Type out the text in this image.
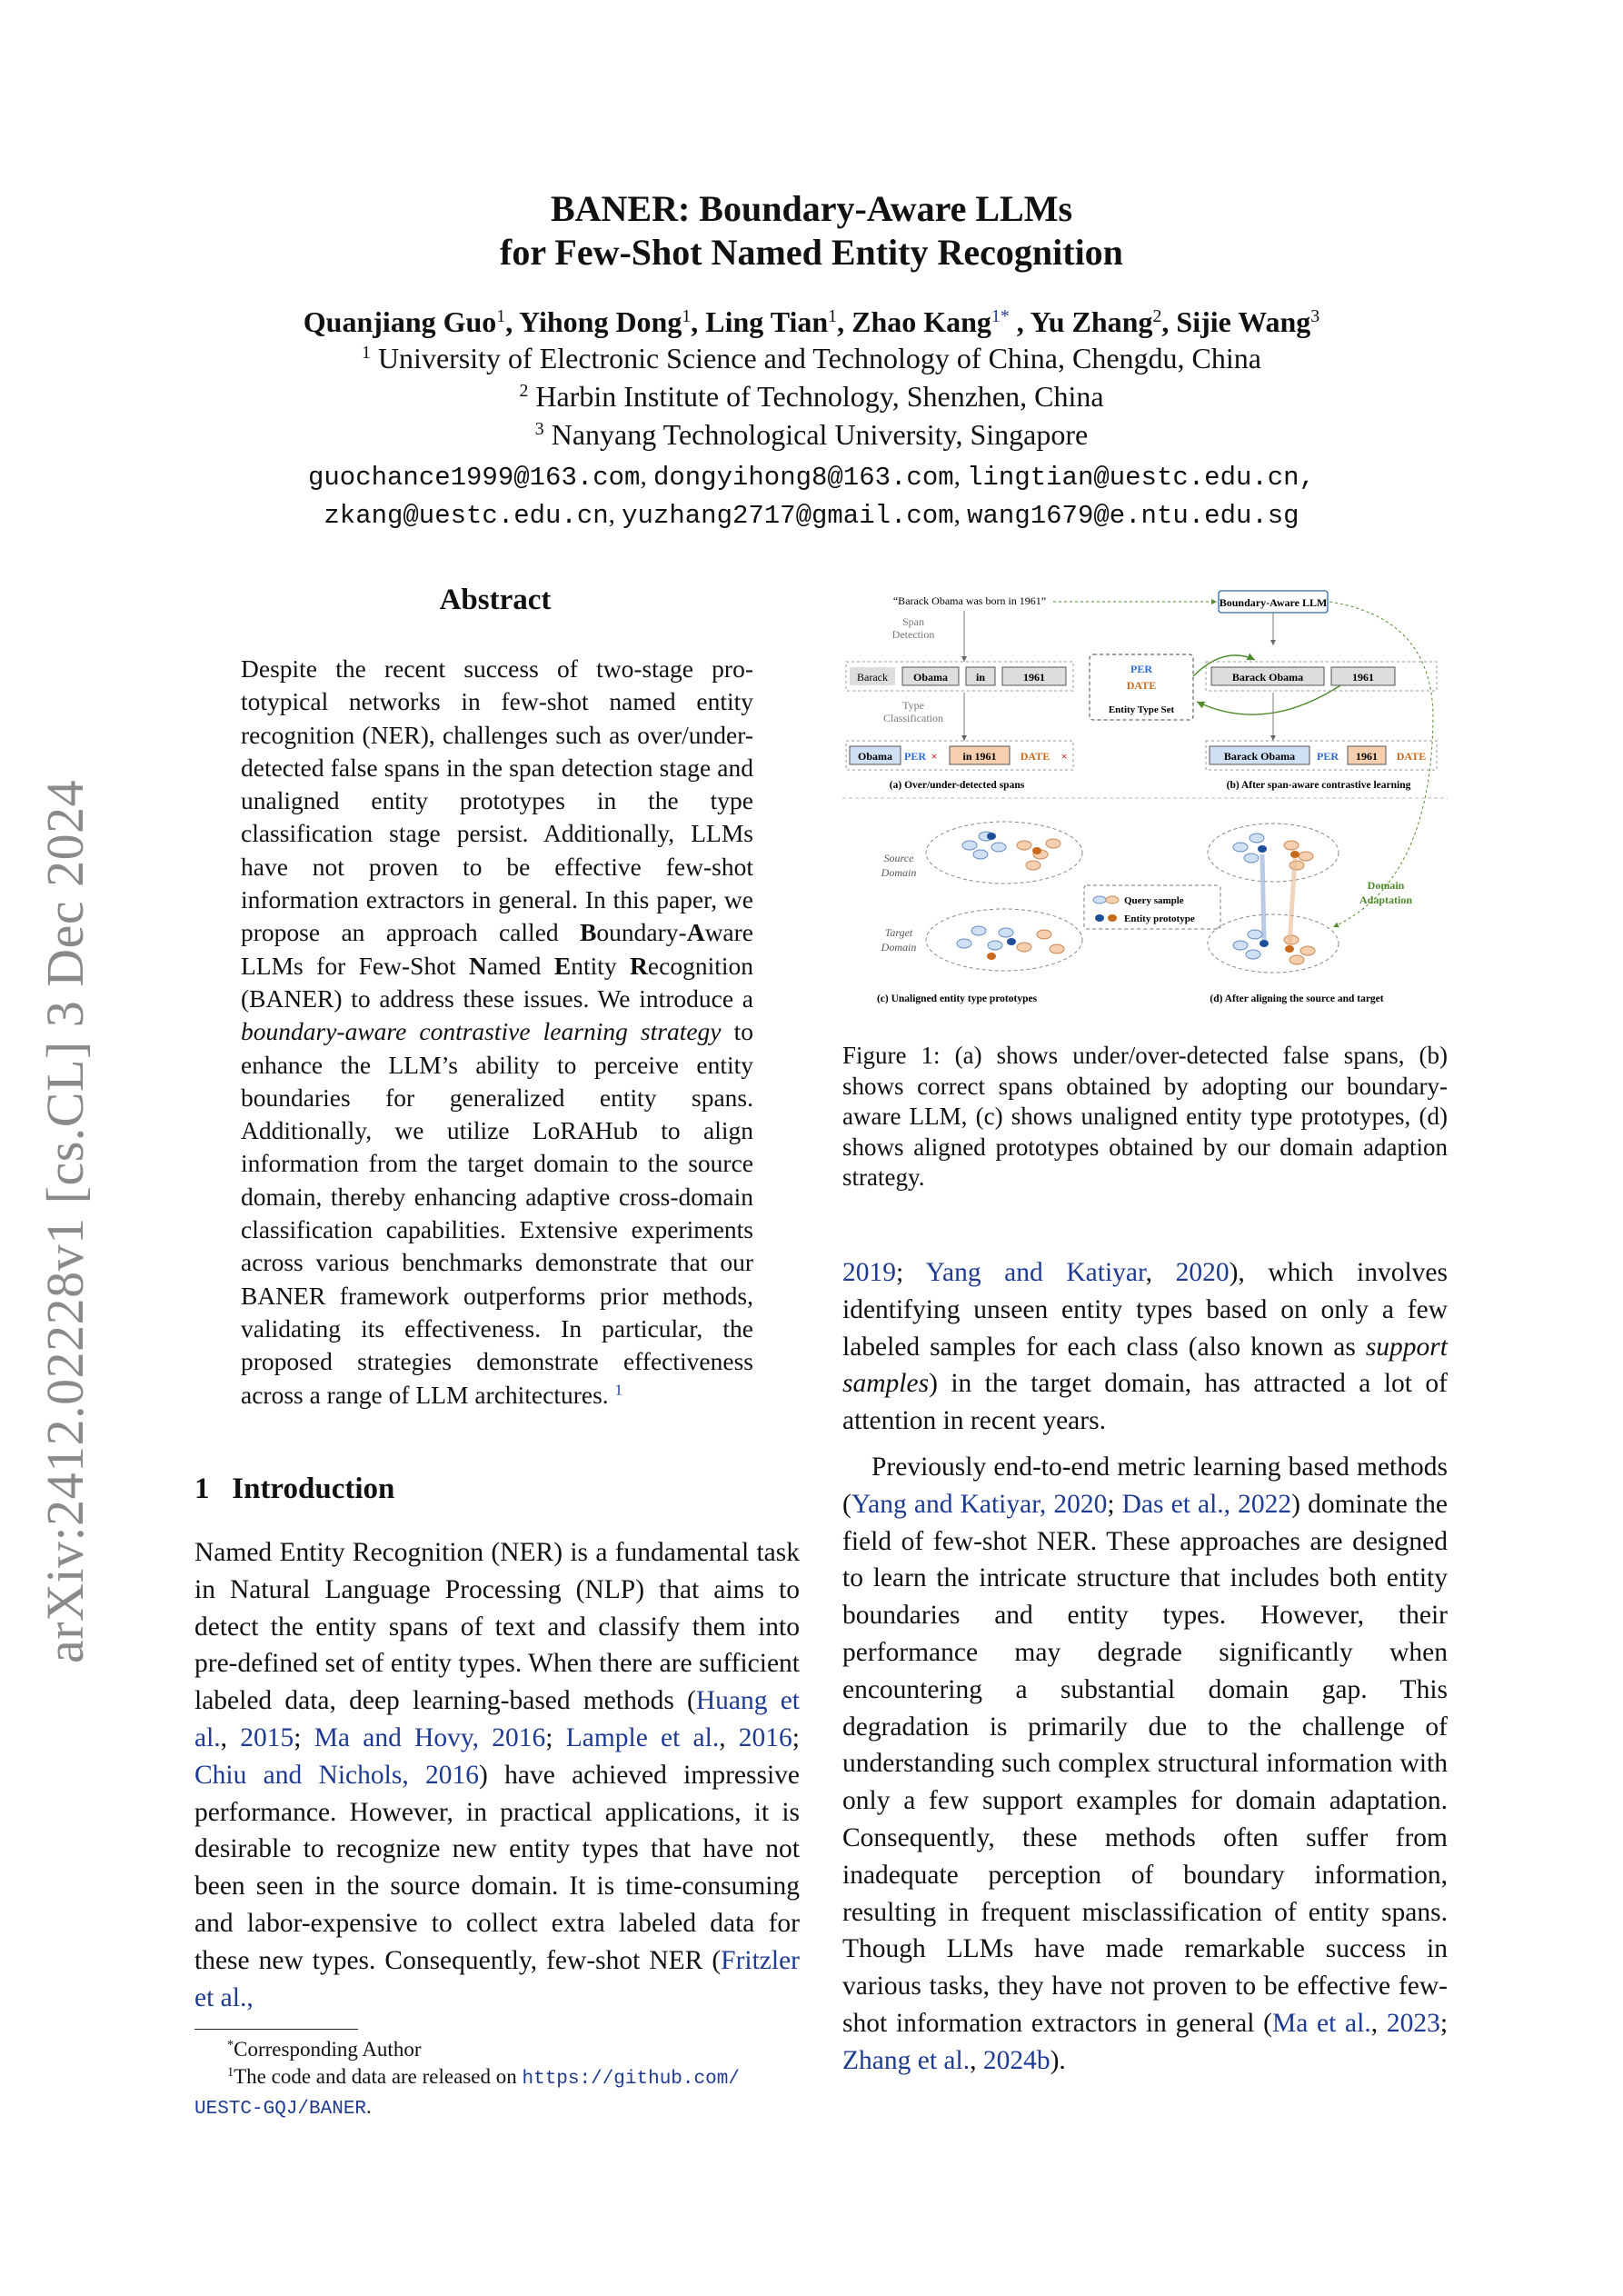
arXiv:2412.02228v1 [cs.CL] 3 Dec 2024
BANER: Boundary-Aware LLMs
for Few-Shot Named Entity Recognition
Quanjiang Guo$^1$, Yihong Dong$^1$, Ling Tian$^1$, Zhao Kang$^{1*}$ , Yu Zhang$^2$, Sijie Wang$^3$
$^1$ University of Electronic Science and Technology of China, Chengdu, China
$^2$ Harbin Institute of Technology, Shenzhen, China
$^3$ Nanyang Technological University, Singapore
guochance1999@163.com, dongyihong8@163.com, lingtian@uestc.edu.cn,
zkang@uestc.edu.cn, yuzhang2717@gmail.com, wang1679@e.ntu.edu.sg
Abstract
Despite the recent success of two-stage prototypical networks in few-shot named entity recognition (NER), challenges such as over/under-detected false spans in the span detection stage and unaligned entity prototypes in the type classification stage persist. Additionally, LLMs have not proven to be effective few-shot information extractors in general. In this paper, we propose an approach called Boundary-Aware LLMs for Few-Shot Named Entity Recognition (BANER) to address these issues. We introduce a boundary-aware contrastive learning strategy to enhance the LLM’s ability to perceive entity boundaries for generalized entity spans. Additionally, we utilize LoRAHub to align information from the target domain to the source domain, thereby enhancing adaptive cross-domain classification capabilities. Extensive experiments across various benchmarks demonstrate that our BANER framework outperforms prior methods, validating its effectiveness. In particular, the proposed strategies demonstrate effectiveness across a range of LLM architectures. $^1$
1 Introduction
Named Entity Recognition (NER) is a fundamental task in Natural Language Processing (NLP) that aims to detect the entity spans of text and classify them into pre-defined set of entity types. When there are sufficient labeled data, deep learning-based methods (Huang et al., 2015; Ma and Hovy, 2016; Lample et al., 2016; Chiu and Nichols, 2016) have achieved impressive performance. However, in practical applications, it is desirable to recognize new entity types that have not been seen in the source domain. It is time-consuming and labor-expensive to collect extra labeled data for these new types. Consequently, few-shot NER (Fritzler et al.,
*Corresponding Author
$^1$The code and data are released on https://github.com/ UESTC-GQJ/BANER.
“Barack Obama was born in 1961”	Boundary-Aware LLM
Span
Detection
Barack Obama	in	1961
Type
Classification
PER
DATE
Entity Type Set
Barack Obama	1961
Obama PER × in 1961 DATE ×	Barack Obama PER 1961 DATE
(a) Over/under-detected spans	(b) After span-aware contrastive learning
Source
Domain
Target
Domain
Query sample
Entity prototype
Domain
Adaptation
(c) Unaligned entity type prototypes	(d) After aligning the source and target
Figure 1: (a) shows under/over-detected false spans, (b) shows correct spans obtained by adopting our boundary-aware LLM, (c) shows unaligned entity type prototypes, (d) shows aligned prototypes obtained by our domain adaption strategy.

2019; Yang and Katiyar, 2020), which involves identifying unseen entity types based on only a few labeled samples for each class (also known as support samples) in the target domain, has attracted a lot of attention in recent years.

Previously end-to-end metric learning based methods (Yang and Katiyar, 2020; Das et al., 2022) dominate the field of few-shot NER. These approaches are designed to learn the intricate structure that includes both entity boundaries and entity types. However, their performance may degrade significantly when encountering a substantial domain gap. This degradation is primarily due to the challenge of understanding such complex structural information with only a few support examples for domain adaptation. Consequently, these methods often suffer from inadequate perception of boundary information, resulting in frequent misclassification of entity spans. Though LLMs have made remarkable success in various tasks, they have not proven to be effective few-shot information extractors in general (Ma et al., 2023; Zhang et al., 2024b).
